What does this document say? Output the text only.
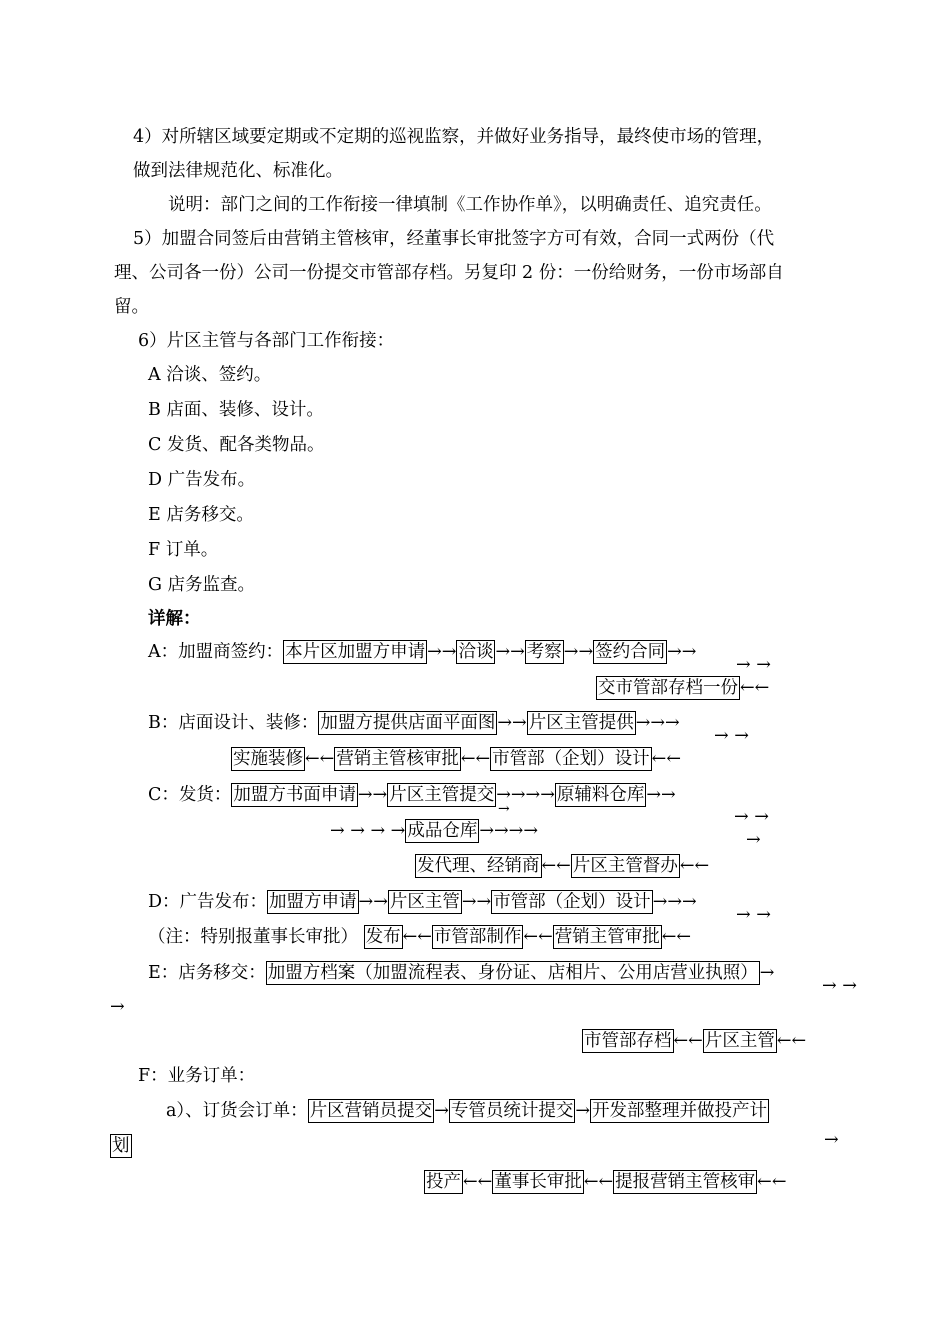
4）对所辖区域要定期或不定期的巡视监察，并做好业务指导，最终使市场的管理，
做到法律规范化、标准化。
说明：部门之间的工作衔接一律填制《工作协作单》，以明确责任、追究责任。
5）加盟合同签后由营销主管核审，经董事长审批签字方可有效，合同一式两份（代
理、公司各一份）公司一份提交市管部存档。另复印 2 份：一份给财务，一份市场部自
留。
6）片区主管与各部门工作衔接：
A 洽谈、签约。
B 店面、装修、设计。
C 发货、配各类物品。
D 广告发布。
E 店务移交。
F 订单。
G 店务监查。
详解：
A：加盟商签约： 本片区加盟方申请 →→ 洽谈 →→ 考察 →→ 签约合同 →→
→ →
交市管部存档一份 ←←
B：店面设计、装修： 加盟方提供店面平面图 →→ 片区主管提供 →→→
→ →
实施装修 ←← 营销主管核审批 ←← 市管部（企划）设计 ←←
C：发货： 加盟方书面申请 →→ 片区主管提交 →→→→ 原辅料仓库 →→
→ →
→
→
→ → → →成品仓库 →→→→
发代理、经销商 ←← 片区主管督办 ←←
D：广告发布： 加盟方申请 →→ 片区主管 →→ 市管部（企划）设计 →→→
→ →
（注：特别报董事长审批） 发布 ←← 市管部制作 ←← 营销主管审批 ←←
E：店务移交： 加盟方档案（加盟流程表、身份证、店相片、公用店营业执照） →
→ →
→
市管部存档 ←← 片区主管 ←←
F：业务订单：
a）、订货会订单： 片区营销员提交 → 专管员统计提交 → 开发部整理并做投产计
划	→
投产 ←← 董事长审批 ←← 提报营销主管核审 ←←
